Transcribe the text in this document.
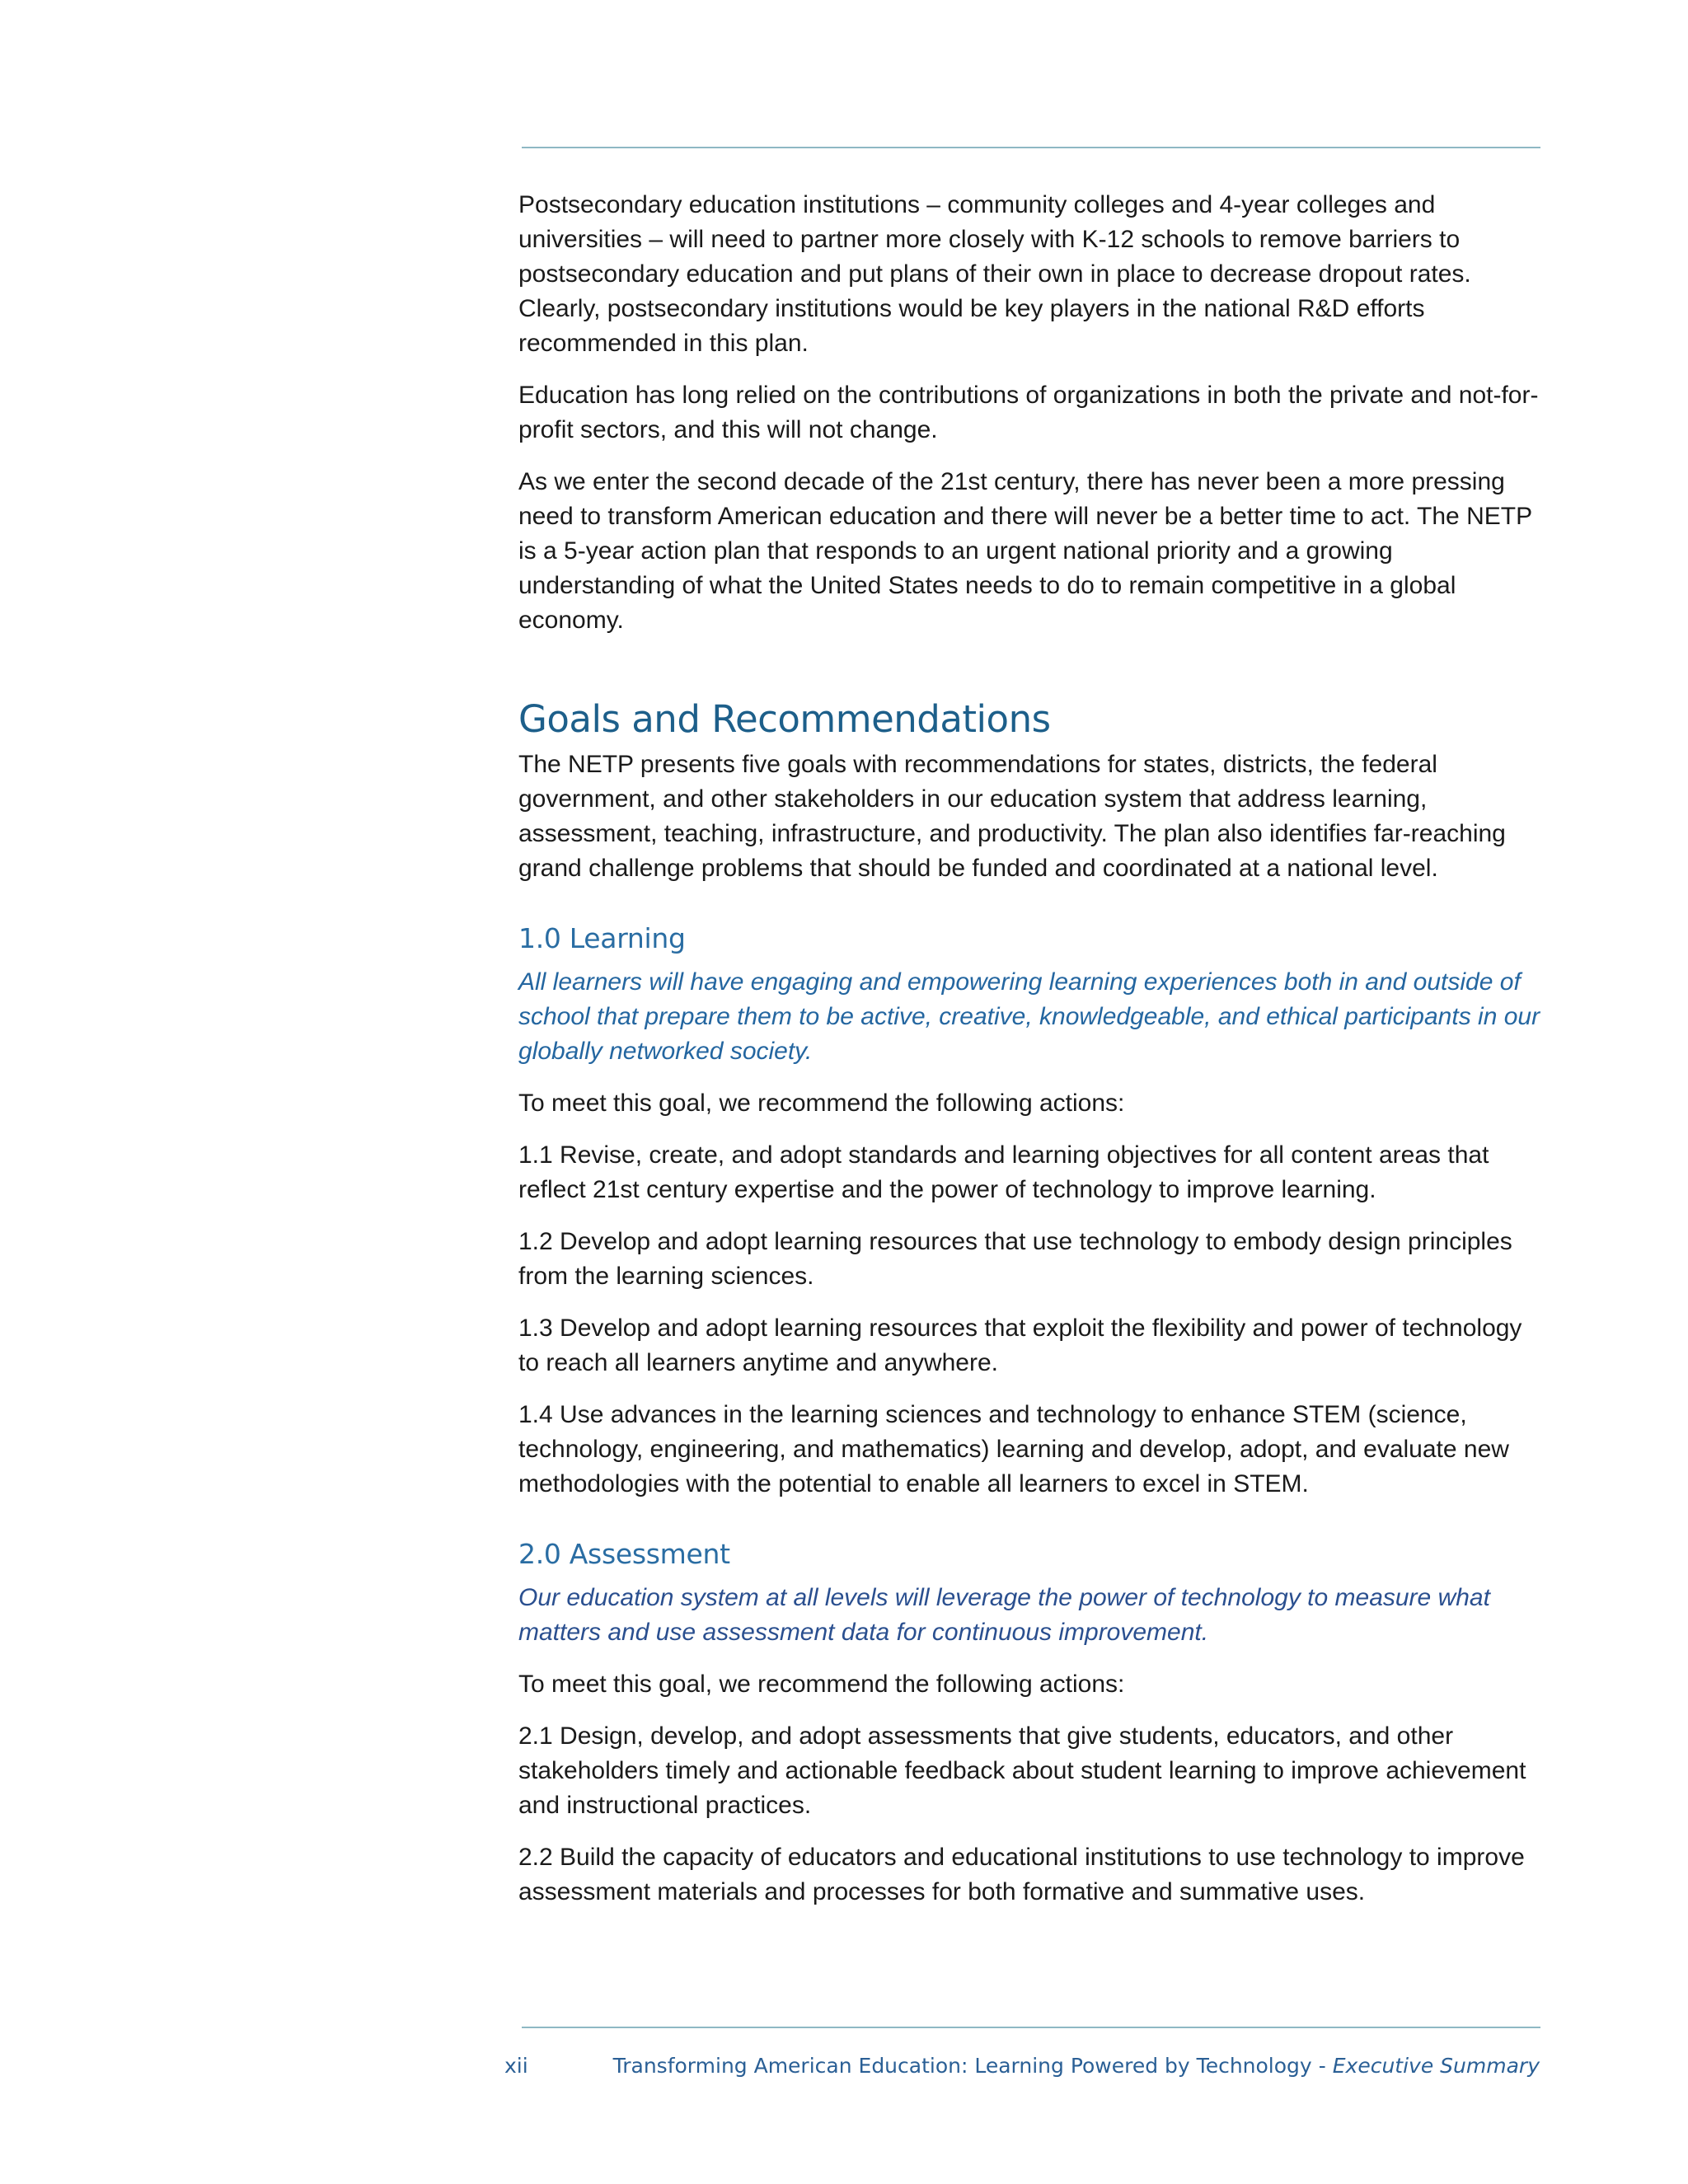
Postsecondary education institutions – community colleges and 4-year colleges and universities – will need to partner more closely with K-12 schools to remove barriers to postsecondary education and put plans of their own in place to decrease dropout rates. Clearly, postsecondary institutions would be key players in the national R&D efforts recommended in this plan.

Education has long relied on the contributions of organizations in both the private and not-for-profit sectors, and this will not change.

As we enter the second decade of the 21st century, there has never been a more pressing need to transform American education and there will never be a better time to act. The NETP is a 5-year action plan that responds to an urgent national priority and a growing understanding of what the United States needs to do to remain competitive in a global economy.

Goals and Recommendations

The NETP presents five goals with recommendations for states, districts, the federal government, and other stakeholders in our education system that address learning, assessment, teaching, infrastructure, and productivity. The plan also identifies far-reaching grand challenge problems that should be funded and coordinated at a national level.

1.0 Learning

All learners will have engaging and empowering learning experiences both in and outside of school that prepare them to be active, creative, knowledgeable, and ethical participants in our globally networked society.

To meet this goal, we recommend the following actions:

1.1 Revise, create, and adopt standards and learning objectives for all content areas that reflect 21st century expertise and the power of technology to improve learning.

1.2 Develop and adopt learning resources that use technology to embody design principles from the learning sciences.

1.3 Develop and adopt learning resources that exploit the flexibility and power of technology to reach all learners anytime and anywhere.

1.4 Use advances in the learning sciences and technology to enhance STEM (science, technology, engineering, and mathematics) learning and develop, adopt, and evaluate new methodologies with the potential to enable all learners to excel in STEM.

2.0 Assessment

Our education system at all levels will leverage the power of technology to measure what matters and use assessment data for continuous improvement.

To meet this goal, we recommend the following actions:

2.1 Design, develop, and adopt assessments that give students, educators, and other stakeholders timely and actionable feedback about student learning to improve achievement and instructional practices.

2.2 Build the capacity of educators and educational institutions to use technology to improve assessment materials and processes for both formative and summative uses.

xii	Transforming American Education: Learning Powered by Technology - Executive Summary
